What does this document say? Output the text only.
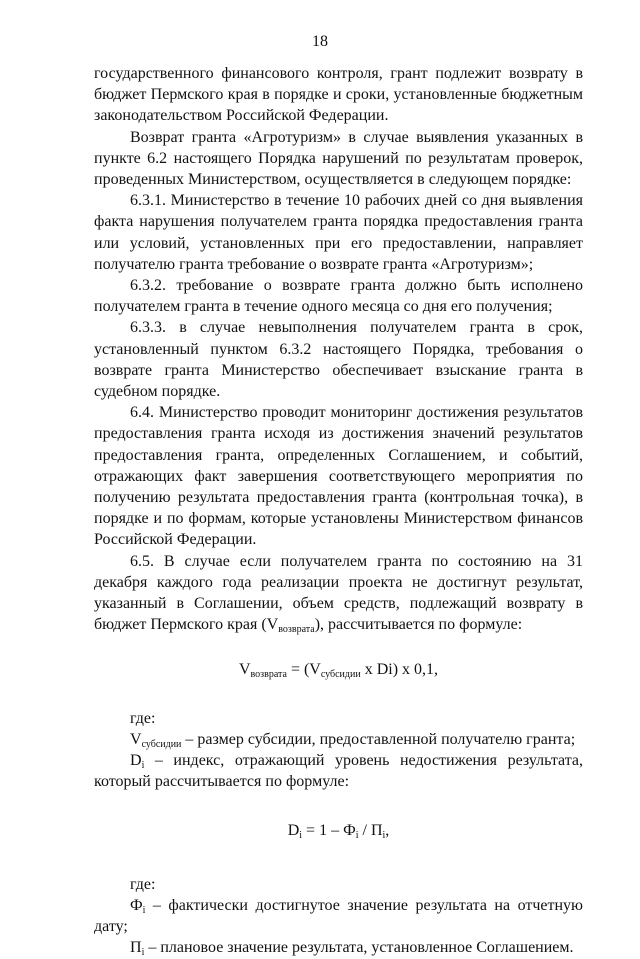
18

государственного финансового контроля, грант подлежит возврату в бюджет Пермского края в порядке и сроки, установленные бюджетным законодательством Российской Федерации.

Возврат гранта «Агротуризм» в случае выявления указанных в пункте 6.2 настоящего Порядка нарушений по результатам проверок, проведенных Министерством, осуществляется в следующем порядке:

6.3.1. Министерство в течение 10 рабочих дней со дня выявления факта нарушения получателем гранта порядка предоставления гранта или условий, установленных при его предоставлении, направляет получателю гранта требование о возврате гранта «Агротуризм»;

6.3.2. требование о возврате гранта должно быть исполнено получателем гранта в течение одного месяца со дня его получения;

6.3.3. в случае невыполнения получателем гранта в срок, установленный пунктом 6.3.2 настоящего Порядка, требования о возврате гранта Министерство обеспечивает взыскание гранта в судебном порядке.

6.4. Министерство проводит мониторинг достижения результатов предоставления гранта исходя из достижения значений результатов предоставления гранта, определенных Соглашением, и событий, отражающих факт завершения соответствующего мероприятия по получению результата предоставления гранта (контрольная точка), в порядке и по формам, которые установлены Министерством финансов Российской Федерации.

6.5. В случае если получателем гранта по состоянию на 31 декабря каждого года реализации проекта не достигнут результат, указанный в Соглашении, объем средств, подлежащий возврату в бюджет Пермского края $(V_{возврата})$, рассчитывается по формуле:

$V_{возврата} = (V_{субсидии}$ x Di) x 0,1,

где:

$V_{субсидии}$ – размер субсидии, предоставленной получателю гранта;

$D_i$ – индекс, отражающий уровень недостижения результата, который рассчитывается по формуле:

$D_i = 1 - Ф_i / П_i$,

где:

$Ф_i$ – фактически достигнутое значение результата на отчетную дату;

$П_i$ – плановое значение результата, установленное Соглашением.
